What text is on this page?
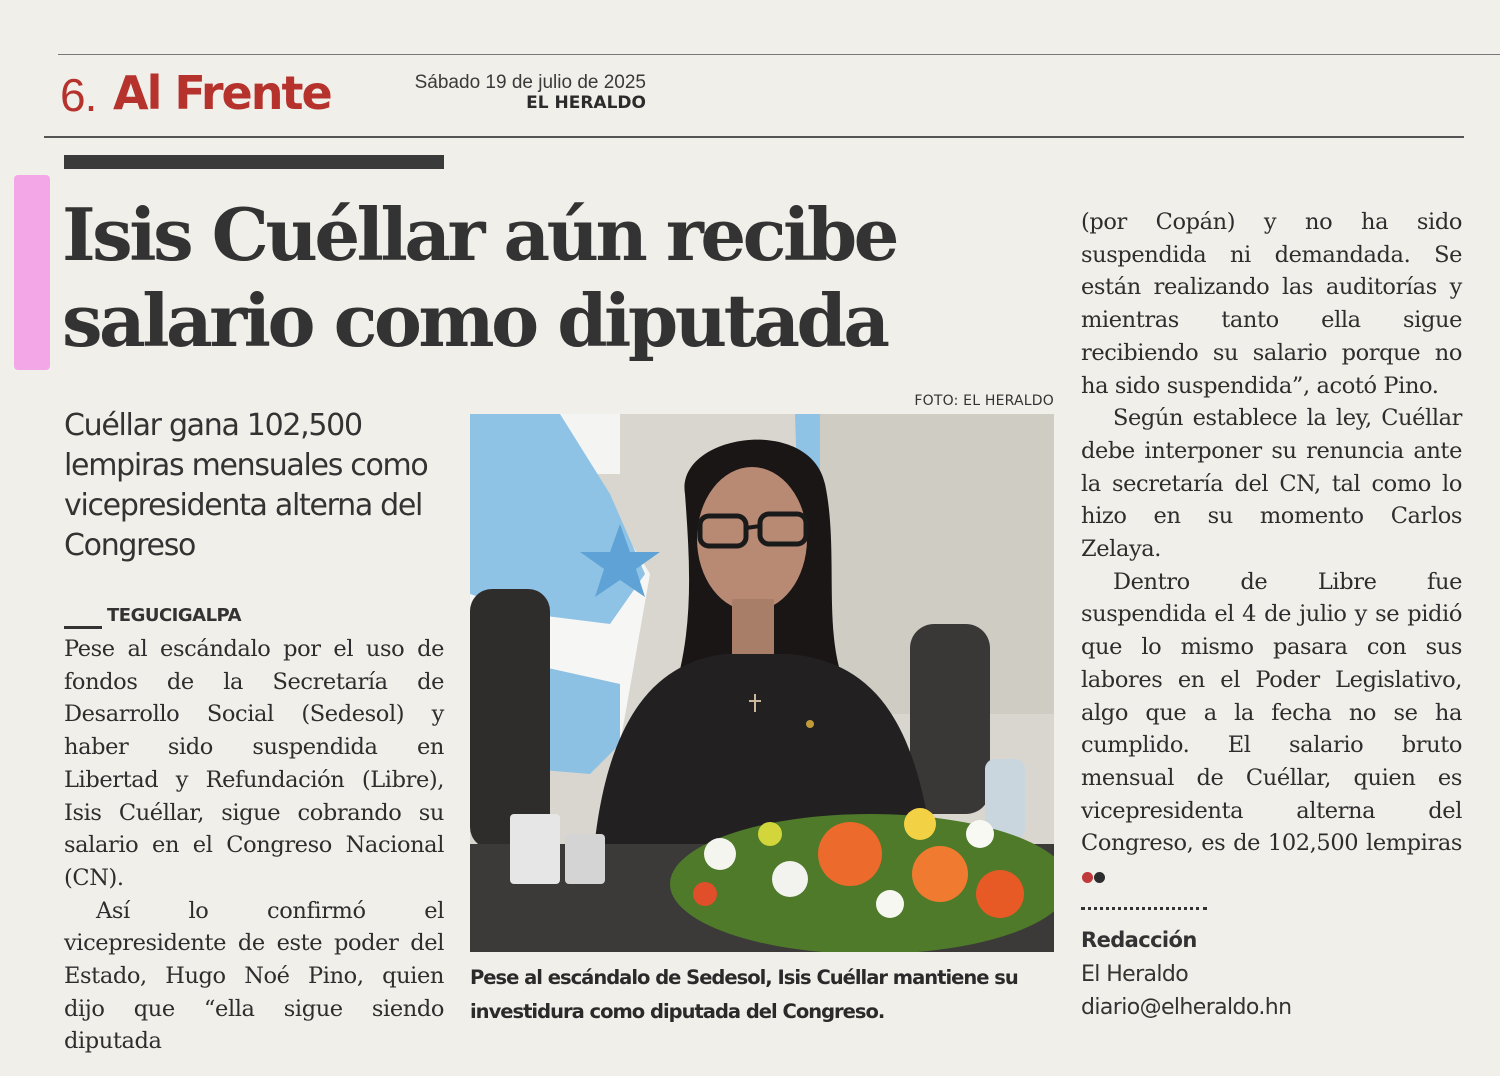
6. Al Frente	Sábado 19 de julio de 2025
EL HERALDO
Isis Cuéllar aún recibe
salario como diputada

Cuéllar gana 102,500 lempiras mensuales como vicepresidenta alterna del Congreso

TEGUCIGALPA

Pese al escándalo por el uso de fondos de la Secretaría de Desarrollo Social (Sedesol) y haber sido suspendida en Libertad y Refundación (Libre), Isis Cuéllar, sigue cobrando su salario en el Congreso Nacional (CN).

Así lo confirmó el vicepresidente de este poder del Estado, Hugo Noé Pino, quien dijo que “ella sigue siendo diputada

FOTO: EL HERALDO

Pese al escándalo de Sedesol, Isis Cuéllar mantiene su investidura como diputada del Congreso.

(por Copán) y no ha sido suspendida ni demandada. Se están realizando las auditorías y mientras tanto ella sigue recibiendo su salario porque no ha sido suspendida”, acotó Pino.

Según establece la ley, Cuéllar debe interponer su renuncia ante la secretaría del CN, tal como lo hizo en su momento Carlos Zelaya.

Dentro de Libre fue suspendida el 4 de julio y se pidió que lo mismo pasara con sus labores en el Poder Legislativo, algo que a la fecha no se ha cumplido. El salario bruto mensual de Cuéllar, quien es vicepresidenta alterna del Congreso, es de 102,500 lempiras

Redacción
El Heraldo
diario@elheraldo.hn
